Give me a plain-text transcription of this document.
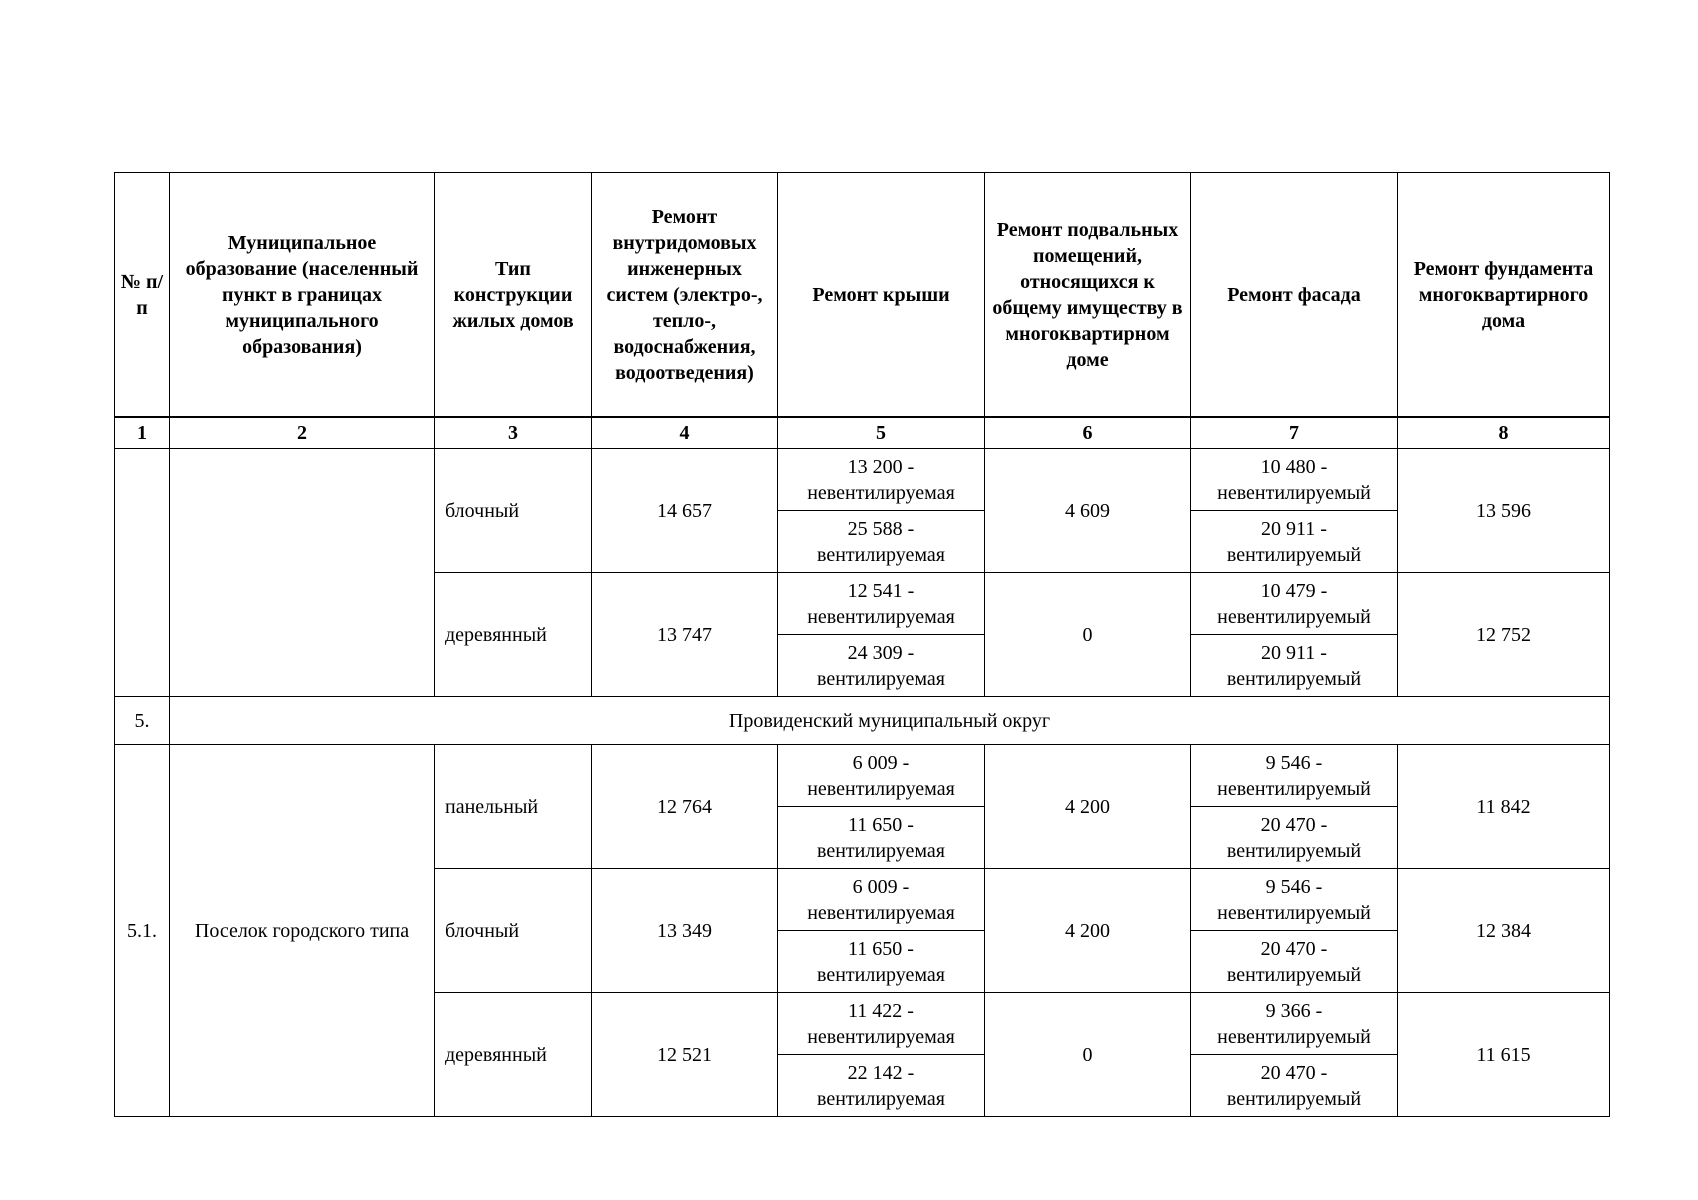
№ п/п	Муниципальное образование (населенный пункт в границах муниципального образования)	Тип конструкции жилых домов	Ремонт внутридомовых инженерных систем (электро-, тепло-, водоснабжения, водоотведения)	Ремонт крыши	Ремонт подвальных помещений, относящихся к общему имуществу в многоквартирном доме	Ремонт фасада	Ремонт фундамента многоквартирного дома
1	2	3	4	5	6	7	8
		блочный	14 657	13 200 - невентилируемая	4 609	10 480 - невентилируемый	13 596
				25 588 - вентилируемая		20 911 - вентилируемый	
		деревянный	13 747	12 541 - невентилируемая	0	10 479 - невентилируемый	12 752
				24 309 - вентилируемая		20 911 - вентилируемый	
5.	Провиденский муниципальный округ						
5.1.	Поселок городского типа	панельный	12 764	6 009 - невентилируемая	4 200	9 546 - невентилируемый	11 842
				11 650 - вентилируемая		20 470 - вентилируемый	
		блочный	13 349	6 009 - невентилируемая	4 200	9 546 - невентилируемый	12 384
				11 650 - вентилируемая		20 470 - вентилируемый	
		деревянный	12 521	11 422 - невентилируемая	0	9 366 - невентилируемый	11 615
				22 142 - вентилируемая		20 470 - вентилируемый	
